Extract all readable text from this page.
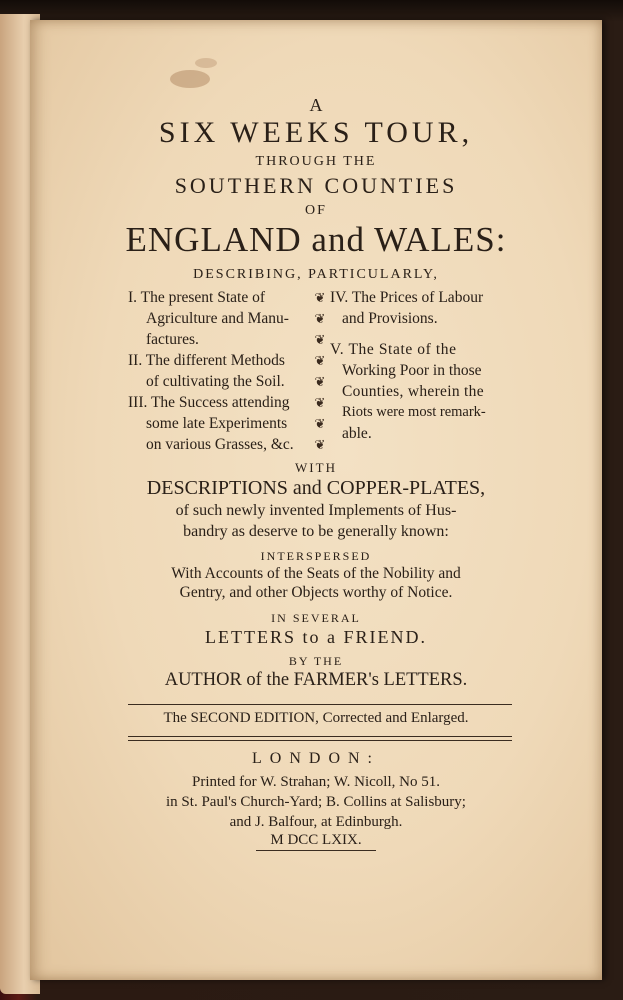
A
SIX WEEKS TOUR,
THROUGH THE
SOUTHERN COUNTIES
OF
ENGLAND and WALES:
DESCRIBING, PARTICULARLY,
I. The present State of
Agriculture and Manu-
factures.
II. The different Methods
of cultivating the Soil.
III. The Success attending
some late Experiments
on various Grasses, &c.
❦
❦
❦
❦
❦
❦
❦
❦
IV. The Prices of Labour
and Provisions.
V. The State of the
Working Poor in those
Counties, wherein the
Riots were most remark-
able.
WITH
DESCRIPTIONS and COPPER-PLATES,
of such newly invented Implements of Hus-
bandry as deserve to be generally known:
INTERSPERSED
With Accounts of the Seats of the Nobility and
Gentry, and other Objects worthy of Notice.
IN SEVERAL
LETTERS to a FRIEND.
BY THE
AUTHOR of the FARMER's LETTERS.
The SECOND EDITION, Corrected and Enlarged.
LONDON:
Printed for W. Strahan; W. Nicoll, No 51.
in St. Paul's Church-Yard; B. Collins at Salisbury;
and J. Balfour, at Edinburgh.
M DCC LXIX.
